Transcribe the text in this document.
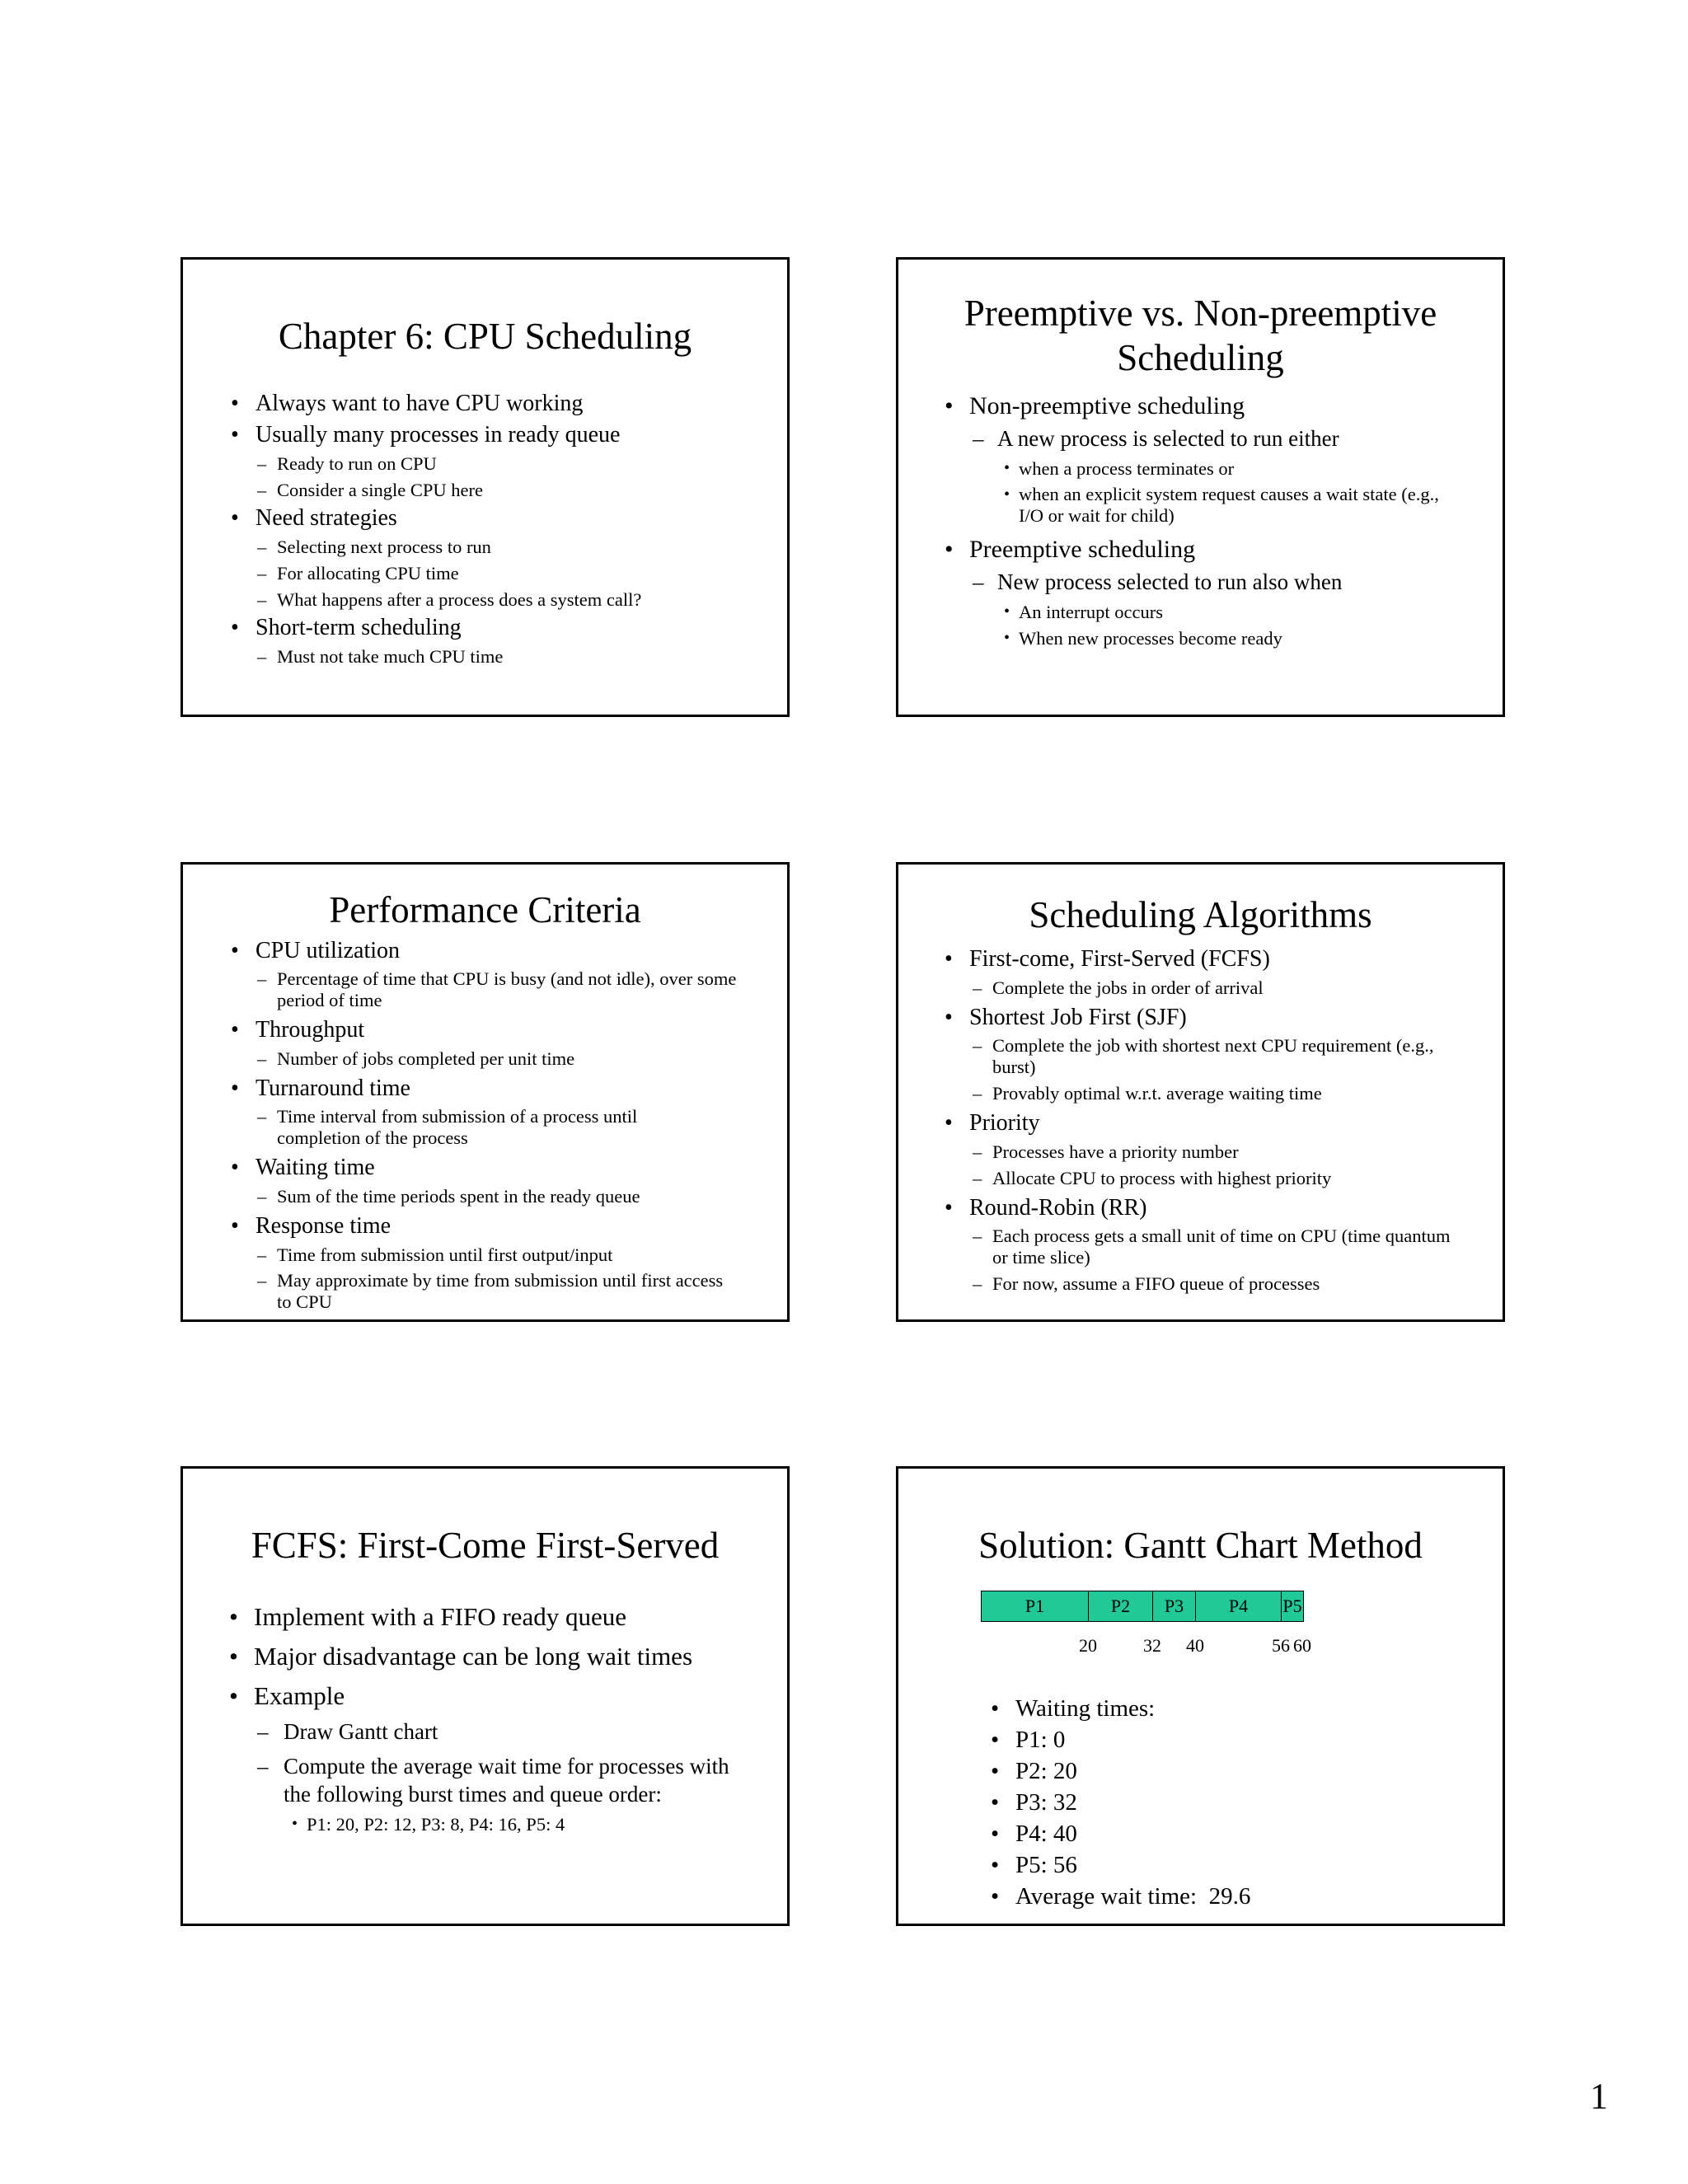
Chapter 6: CPU Scheduling
• Always want to have CPU working
• Usually many processes in ready queue
– Ready to run on CPU
– Consider a single CPU here
• Need strategies
– Selecting next process to run
– For allocating CPU time
– What happens after a process does a system call?
• Short-term scheduling
– Must not take much CPU time
Preemptive vs. Non-preemptive
Scheduling
• Non-preemptive scheduling
– A new process is selected to run either
• when a process terminates or
• when an explicit system request causes a wait state (e.g., I/O or wait for child)
• Preemptive scheduling
– New process selected to run also when
• An interrupt occurs
• When new processes become ready
Performance Criteria
• CPU utilization
– Percentage of time that CPU is busy (and not idle), over some period of time
• Throughput
– Number of jobs completed per unit time
• Turnaround time
– Time interval from submission of a process until completion of the process
• Waiting time
– Sum of the time periods spent in the ready queue
• Response time
– Time from submission until first output/input
– May approximate by time from submission until first access to CPU
Scheduling Algorithms
• First-come, First-Served (FCFS)
– Complete the jobs in order of arrival
• Shortest Job First (SJF)
– Complete the job with shortest next CPU requirement (e.g., burst)
– Provably optimal w.r.t. average waiting time
• Priority
– Processes have a priority number
– Allocate CPU to process with highest priority
• Round-Robin (RR)
– Each process gets a small unit of time on CPU (time quantum or time slice)
– For now, assume a FIFO queue of processes
FCFS: First-Come First-Served
• Implement with a FIFO ready queue
• Major disadvantage can be long wait times
• Example
– Draw Gantt chart
– Compute the average wait time for processes with the following burst times and queue order:
• P1: 20, P2: 12, P3: 8, P4: 16, P5: 4
Solution: Gantt Chart Method
P1	P2	P3	P4	P5
20	32 40	56 60
• Waiting times:
• P1: 0
• P2: 20
• P3: 32
• P4: 40
• P5: 56
• Average wait time:  29.6
1
